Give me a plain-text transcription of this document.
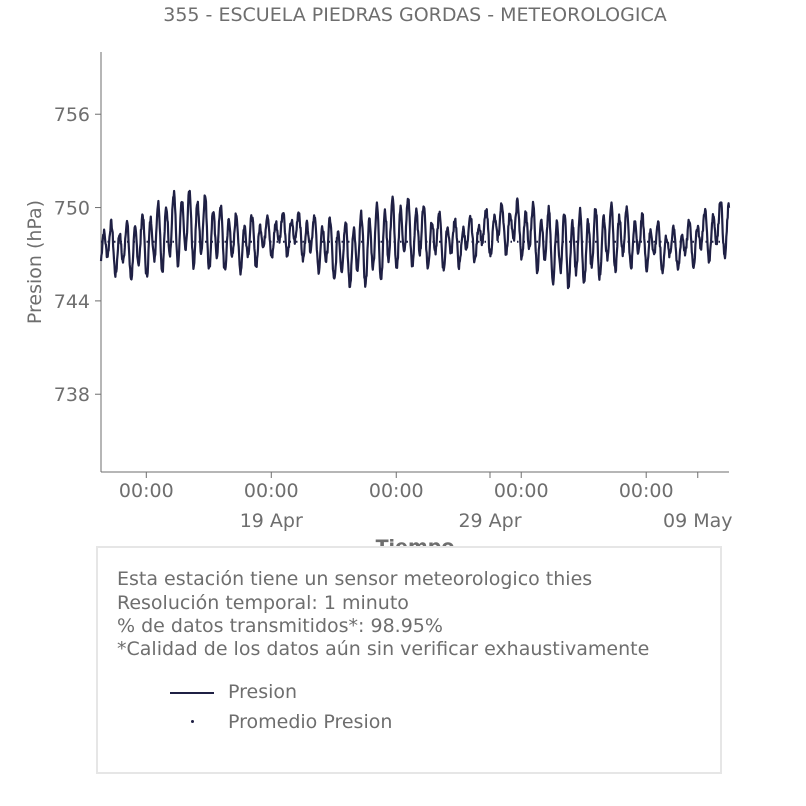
355 - ESCUELA PIEDRAS GORDAS - METEOROLOGICA
738
744
750
756
00:00	00:00	00:00	00:00	00:00
19 Apr	29 Apr	09 May
Presion (hPa)
Esta estación tiene un sensor meteorologico thies
Resolución temporal: 1 minuto
% de datos transmitidos*: 98.95%
*Calidad de los datos aún sin verificar exhaustivamente
Presion
Promedio Presion
